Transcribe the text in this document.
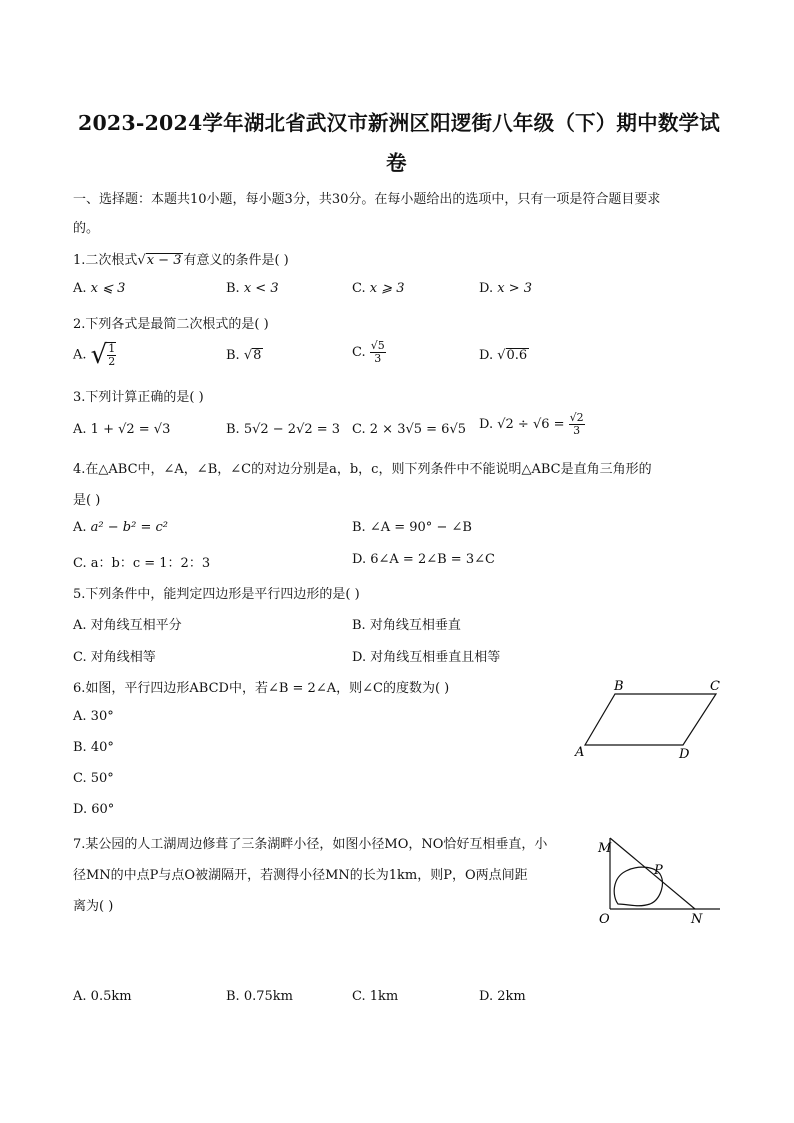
2023-2024学年湖北省武汉市新洲区阳逻街八年级（下）期中数学试
卷
一、选择题：本题共10小题，每小题3分，共30分。在每小题给出的选项中，只有一项是符合题目要求
的。
1.二次根式√x − 3 有意义的条件是( )
A. x ⩽ 3	B. x < 3	C. x ⩾ 3	D. x > 3
2.下列各式是最简二次根式的是( )
A. √ $\frac{1}{2}$	B. √8	C. $\frac{√5}{3}$	D. √0.6
3.下列计算正确的是( )
A. 1 + √2 = √3	B. 5√2 − 2√2 = 3 C. 2 × 3√5 = 6√5 D. $√2 \div √6 = \frac{√2}{3}$
4.在△ABC中，∠A，∠B，∠C的对边分别是a，b，c，则下列条件中不能说明△ABC是直角三角形的
是( )
A. a² − b² = c²	B. ∠A = 90° − ∠B
C. a：b：c = 1：2：3	D. 6∠A = 2∠B = 3∠C
5.下列条件中，能判定四边形是平行四边形的是( )
A. 对角线互相平分	B. 对角线互相垂直
C. 对角线相等	D. 对角线互相垂直且相等
6.如图，平行四边形ABCD中，若∠B = 2∠A，则∠C的度数为( )
A. 30°
B. 40°
C. 50°
D. 60°
B	C
A	D
7.某公园的人工湖周边修葺了三条湖畔小径，如图小径MO，NO恰好互相垂直，小
径MN的中点P与点O被湖隔开，若测得小径MN的长为1km，则P，O两点间距
离为( )
M
P
O	N
A. 0.5km	B. 0.75km	C. 1km	D. 2km
